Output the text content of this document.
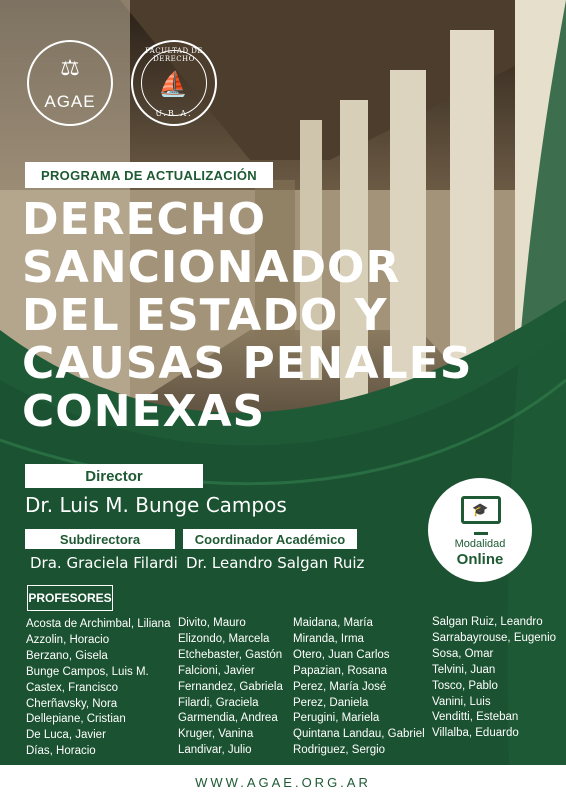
⚖
AGAE
FACULTAD DE DERECHO
⛵
U.B.A.
PROGRAMA DE ACTUALIZACIÓN
DERECHO
SANCIONADOR
DEL ESTADO Y
CAUSAS PENALES
CONEXAS
Director
Dr. Luis M. Bunge Campos
Subdirectora	Coordinador Académico
Dra. Graciela Filardi Dr. Leandro Salgan Ruiz
🎓
Modalidad
Online
PROFESORES
Acosta de Archimbal, Liliana
Azzolin, Horacio
Berzano, Gisela
Bunge Campos, Luis M.
Castex, Francisco
Cherñavsky, Nora
Dellepiane, Cristian
De Luca, Javier
Días, Horacio
Divito, Mauro
Elizondo, Marcela
Etchebaster, Gastón
Falcioni, Javier
Fernandez, Gabriela
Filardi, Graciela
Garmendia, Andrea
Kruger, Vanina
Landivar, Julio
Maidana, María
Miranda, Irma
Otero, Juan Carlos
Papazian, Rosana
Perez, María José
Perez, Daniela
Perugini, Mariela
Quintana Landau, Gabriel
Rodriguez, Sergio
Salgan Ruiz, Leandro
Sarrabayrouse, Eugenio
Sosa, Omar
Telvini, Juan
Tosco, Pablo
Vanini, Luis
Venditti, Esteban
Villalba, Eduardo
WWW.AGAE.ORG.AR
